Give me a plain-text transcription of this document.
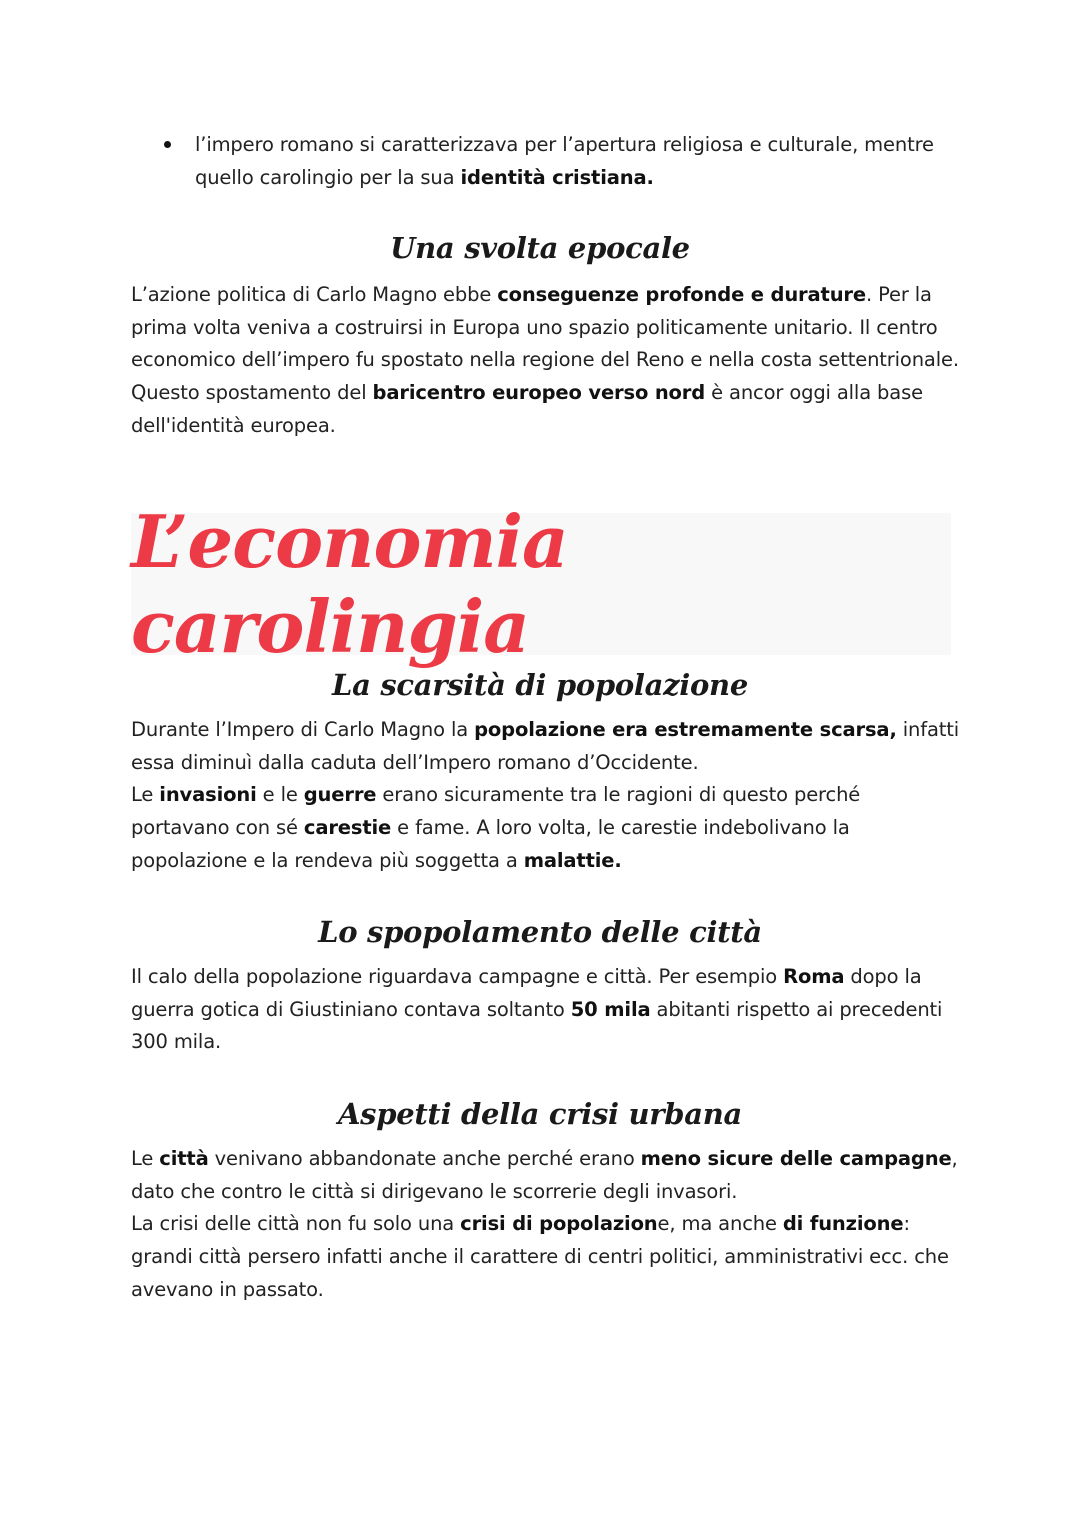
l’impero romano si caratterizzava per l’apertura religiosa e culturale, mentre quello carolingio per la sua identità cristiana.
Una svolta epocale
L’azione politica di Carlo Magno ebbe conseguenze profonde e durature. Per la prima volta veniva a costruirsi in Europa uno spazio politicamente unitario. Il centro economico dell’impero fu spostato nella regione del Reno e nella costa settentrionale. Questo spostamento del baricentro europeo verso nord è ancor oggi alla base dell'identità europea.
L’economia carolingia
La scarsità di popolazione
Durante l’Impero di Carlo Magno la popolazione era estremamente scarsa, infatti essa diminuì dalla caduta dell’Impero romano d’Occidente.
Le invasioni e le guerre erano sicuramente tra le ragioni di questo perché portavano con sé carestie e fame. A loro volta, le carestie indebolivano la popolazione e la rendeva più soggetta a malattie.
Lo spopolamento delle città
Il calo della popolazione riguardava campagne e città. Per esempio Roma dopo la guerra gotica di Giustiniano contava soltanto 50 mila abitanti rispetto ai precedenti 300 mila.
Aspetti della crisi urbana
Le città venivano abbandonate anche perché erano meno sicure delle campagne, dato che contro le città si dirigevano le scorrerie degli invasori.
La crisi delle città non fu solo una crisi di popolazione, ma anche di funzione: grandi città persero infatti anche il carattere di centri politici, amministrativi ecc. che avevano in passato.
